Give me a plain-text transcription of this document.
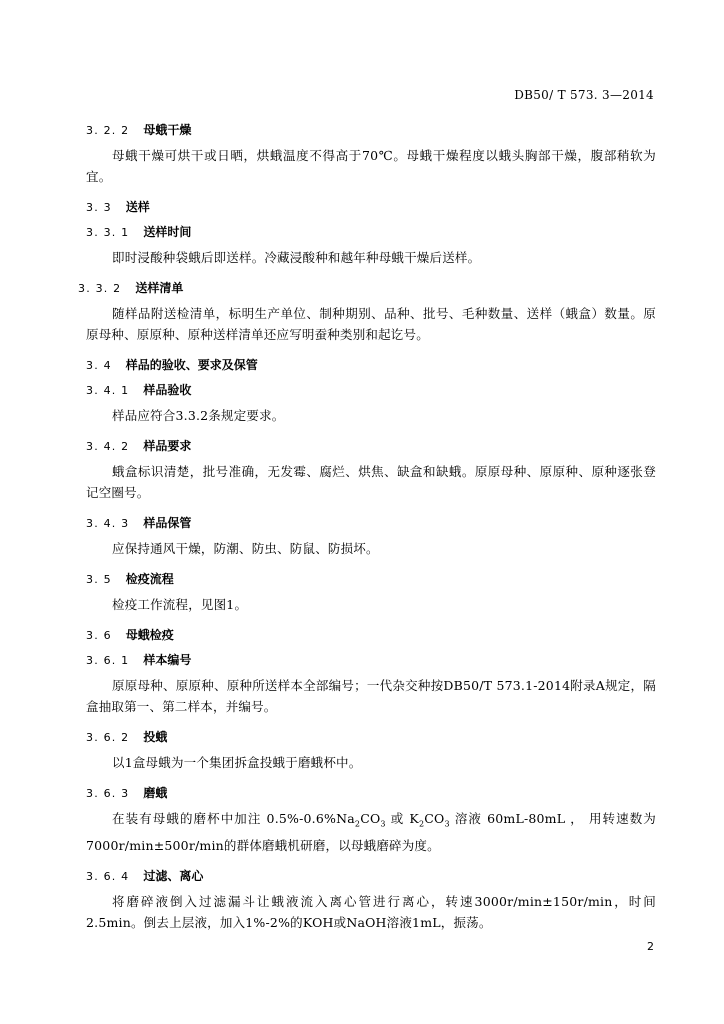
DB50/ T 573. 3—2014
3. 2. 2 母蛾干燥

母蛾干燥可烘干或日晒，烘蛾温度不得高于70℃。母蛾干燥程度以蛾头胸部干燥，腹部稍软为宜。

3. 3 送样
3. 3. 1 送样时间

即时浸酸种袋蛾后即送样。冷藏浸酸种和越年种母蛾干燥后送样。

3. 3. 2 送样清单

随样品附送检清单，标明生产单位、制种期别、品种、批号、毛种数量、送样（蛾盒）数量。原原母种、原原种、原种送样清单还应写明蚕种类别和起讫号。

3. 4 样品的验收、要求及保管
3. 4. 1 样品验收

样品应符合3.3.2条规定要求。

3. 4. 2 样品要求

蛾盒标识清楚，批号准确，无发霉、腐烂、烘焦、缺盒和缺蛾。原原母种、原原种、原种逐张登记空圈号。

3. 4. 3 样品保管

应保持通风干燥，防潮、防虫、防鼠、防损坏。

3. 5 检疫流程

检疫工作流程，见图1。

3. 6 母蛾检疫
3. 6. 1 样本编号

原原母种、原原种、原种所送样本全部编号；一代杂交种按DB50/T 573.1-2014附录A规定，隔盒抽取第一、第二样本，并编号。

3. 6. 2 投蛾

以1盒母蛾为一个集团拆盒投蛾于磨蛾杯中。

3. 6. 3 磨蛾

在装有母蛾的磨杯中加注 $0.5\%-0.6\%Na_2CO_3$ 或 $K_2CO_3$ 溶液 60mL-80mL ， 用转速数为7000r/min±500r/min的群体磨蛾机研磨，以母蛾磨碎为度。

3. 6. 4 过滤、离心

将磨碎液倒入过滤漏斗让蛾液流入离心管进行离心，转速3000r/min±150r/min，时间2.5min。倒去上层液，加入1%-2%的KOH或NaOH溶液1mL，振荡。

2
